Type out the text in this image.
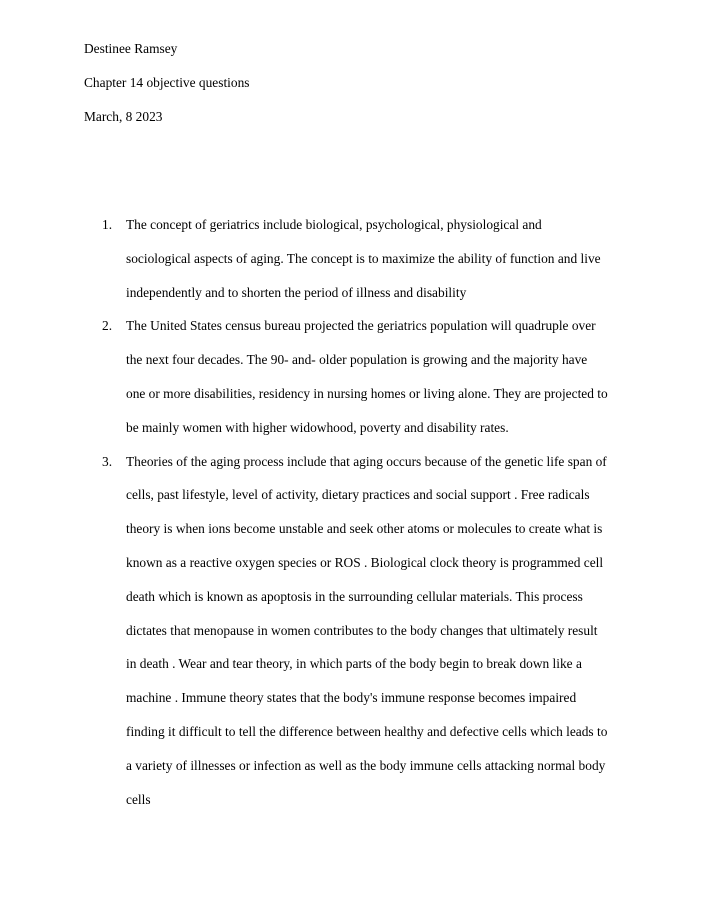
Destinee Ramsey
Chapter 14 objective questions
March, 8 2023
1. The concept of geriatrics include biological, psychological, physiological and
sociological aspects of aging. The concept is to maximize the ability of function and live
independently and to shorten the period of illness and disability
2. The United States census bureau projected the geriatrics population will quadruple over
the next four decades. The 90- and- older population is growing and the majority have
one or more disabilities, residency in nursing homes or living alone. They are projected to
be mainly women with higher widowhood, poverty and disability rates.
3. Theories of the aging process include that aging occurs because of the genetic life span of
cells, past lifestyle, level of activity, dietary practices and social support . Free radicals
theory is when ions become unstable and seek other atoms or molecules to create what is
known as a reactive oxygen species or ROS . Biological clock theory is programmed cell
death which is known as apoptosis in the surrounding cellular materials. This process
dictates that menopause in women contributes to the body changes that ultimately result
in death . Wear and tear theory, in which parts of the body begin to break down like a
machine . Immune theory states that the body's immune response becomes impaired
finding it difficult to tell the difference between healthy and defective cells which leads to
a variety of illnesses or infection as well as the body immune cells attacking normal body
cells
